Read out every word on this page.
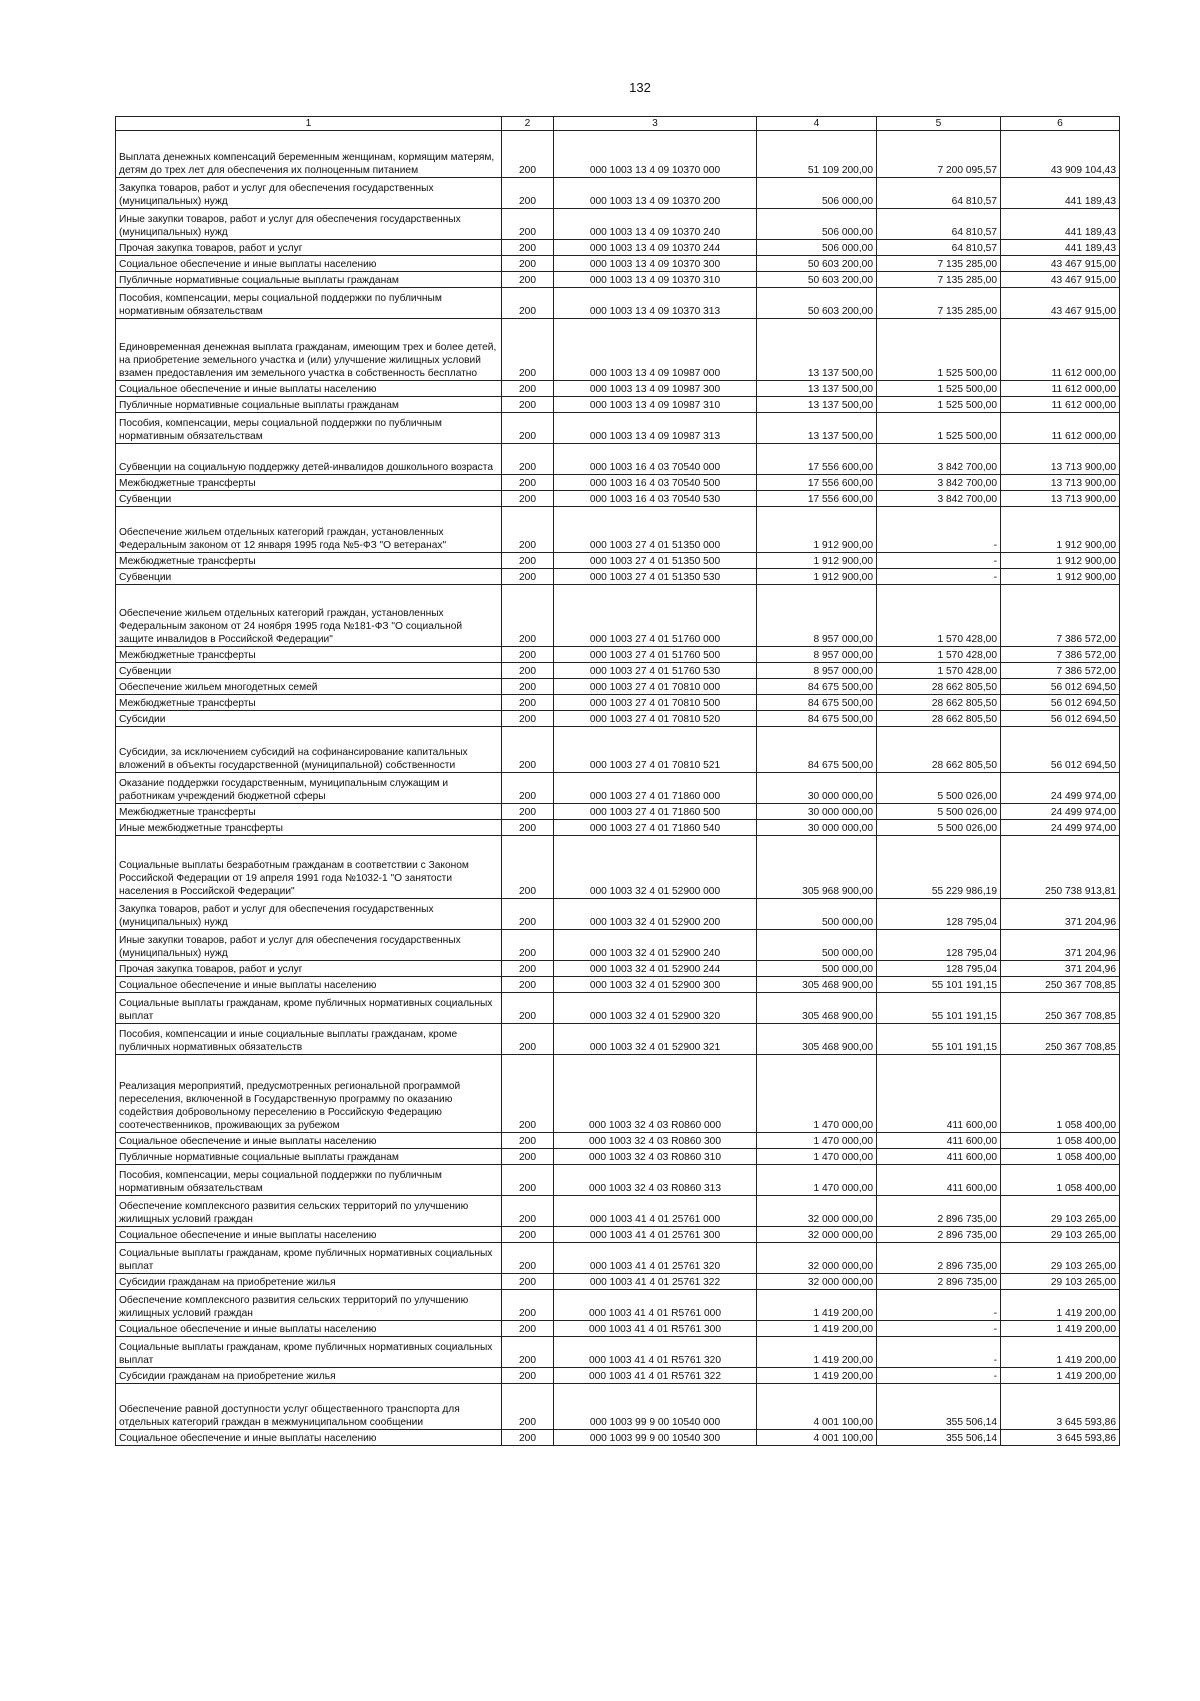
132
1	2	3	4	5	6
Выплата денежных компенсаций беременным женщинам, кормящим матерям, детям до трех лет для обеспечения их полноценным питанием	200	000 1003 13 4 09 10370 000	51 109 200,00	7 200 095,57	43 909 104,43
Закупка товаров, работ и услуг для обеспечения государственных (муниципальных) нужд	200	000 1003 13 4 09 10370 200	506 000,00	64 810,57	441 189,43
Иные закупки товаров, работ и услуг для обеспечения государственных (муниципальных) нужд	200	000 1003 13 4 09 10370 240	506 000,00	64 810,57	441 189,43
Прочая закупка товаров, работ и услуг	200	000 1003 13 4 09 10370 244	506 000,00	64 810,57	441 189,43
Социальное обеспечение и иные выплаты населению	200	000 1003 13 4 09 10370 300	50 603 200,00	7 135 285,00	43 467 915,00
Публичные нормативные социальные выплаты гражданам	200	000 1003 13 4 09 10370 310	50 603 200,00	7 135 285,00	43 467 915,00
Пособия, компенсации, меры социальной поддержки по публичным нормативным обязательствам	200	000 1003 13 4 09 10370 313	50 603 200,00	7 135 285,00	43 467 915,00
Единовременная денежная выплата гражданам, имеющим трех и более детей, на приобретение земельного участка и (или) улучшение жилищных условий взамен предоставления им земельного участка в собственность бесплатно	200	000 1003 13 4 09 10987 000	13 137 500,00	1 525 500,00	11 612 000,00
Социальное обеспечение и иные выплаты населению	200	000 1003 13 4 09 10987 300	13 137 500,00	1 525 500,00	11 612 000,00
Публичные нормативные социальные выплаты гражданам	200	000 1003 13 4 09 10987 310	13 137 500,00	1 525 500,00	11 612 000,00
Пособия, компенсации, меры социальной поддержки по публичным нормативным обязательствам	200	000 1003 13 4 09 10987 313	13 137 500,00	1 525 500,00	11 612 000,00
Субвенции на социальную поддержку детей-инвалидов дошкольного возраста	200	000 1003 16 4 03 70540 000	17 556 600,00	3 842 700,00	13 713 900,00
Межбюджетные трансферты	200	000 1003 16 4 03 70540 500	17 556 600,00	3 842 700,00	13 713 900,00
Субвенции	200	000 1003 16 4 03 70540 530	17 556 600,00	3 842 700,00	13 713 900,00
Обеспечение жильем отдельных категорий граждан, установленных Федеральным законом от 12 января 1995 года №5-ФЗ "О ветеранах"	200	000 1003 27 4 01 51350 000	1 912 900,00	-	1 912 900,00
Межбюджетные трансферты	200	000 1003 27 4 01 51350 500	1 912 900,00	-	1 912 900,00
Субвенции	200	000 1003 27 4 01 51350 530	1 912 900,00	-	1 912 900,00
Обеспечение жильем отдельных категорий граждан, установленных Федеральным законом от 24 ноября 1995 года №181-ФЗ "О социальной защите инвалидов в Российской Федерации"	200	000 1003 27 4 01 51760 000	8 957 000,00	1 570 428,00	7 386 572,00
Межбюджетные трансферты	200	000 1003 27 4 01 51760 500	8 957 000,00	1 570 428,00	7 386 572,00
Субвенции	200	000 1003 27 4 01 51760 530	8 957 000,00	1 570 428,00	7 386 572,00
Обеспечение жильем многодетных семей	200	000 1003 27 4 01 70810 000	84 675 500,00	28 662 805,50	56 012 694,50
Межбюджетные трансферты	200	000 1003 27 4 01 70810 500	84 675 500,00	28 662 805,50	56 012 694,50
Субсидии	200	000 1003 27 4 01 70810 520	84 675 500,00	28 662 805,50	56 012 694,50
Субсидии, за исключением субсидий на софинансирование капитальных вложений в объекты государственной (муниципальной) собственности	200	000 1003 27 4 01 70810 521	84 675 500,00	28 662 805,50	56 012 694,50
Оказание поддержки государственным, муниципальным служащим и работникам учреждений бюджетной сферы	200	000 1003 27 4 01 71860 000	30 000 000,00	5 500 026,00	24 499 974,00
Межбюджетные трансферты	200	000 1003 27 4 01 71860 500	30 000 000,00	5 500 026,00	24 499 974,00
Иные межбюджетные трансферты	200	000 1003 27 4 01 71860 540	30 000 000,00	5 500 026,00	24 499 974,00
Социальные выплаты безработным гражданам в соответствии с Законом Российской Федерации от 19 апреля 1991 года №1032-1 "О занятости населения в Российской Федерации"	200	000 1003 32 4 01 52900 000	305 968 900,00	55 229 986,19	250 738 913,81
Закупка товаров, работ и услуг для обеспечения государственных (муниципальных) нужд	200	000 1003 32 4 01 52900 200	500 000,00	128 795,04	371 204,96
Иные закупки товаров, работ и услуг для обеспечения государственных (муниципальных) нужд	200	000 1003 32 4 01 52900 240	500 000,00	128 795,04	371 204,96
Прочая закупка товаров, работ и услуг	200	000 1003 32 4 01 52900 244	500 000,00	128 795,04	371 204,96
Социальное обеспечение и иные выплаты населению	200	000 1003 32 4 01 52900 300	305 468 900,00	55 101 191,15	250 367 708,85
Социальные выплаты гражданам, кроме публичных нормативных социальных выплат	200	000 1003 32 4 01 52900 320	305 468 900,00	55 101 191,15	250 367 708,85
Пособия, компенсации и иные социальные выплаты гражданам, кроме публичных нормативных обязательств	200	000 1003 32 4 01 52900 321	305 468 900,00	55 101 191,15	250 367 708,85
Реализация мероприятий, предусмотренных региональной программой переселения, включенной в Государственную программу по оказанию содействия добровольному переселению в Российскую Федерацию соотечественников, проживающих за рубежом	200	000 1003 32 4 03 R0860 000	1 470 000,00	411 600,00	1 058 400,00
Социальное обеспечение и иные выплаты населению	200	000 1003 32 4 03 R0860 300	1 470 000,00	411 600,00	1 058 400,00
Публичные нормативные социальные выплаты гражданам	200	000 1003 32 4 03 R0860 310	1 470 000,00	411 600,00	1 058 400,00
Пособия, компенсации, меры социальной поддержки по публичным нормативным обязательствам	200	000 1003 32 4 03 R0860 313	1 470 000,00	411 600,00	1 058 400,00
Обеспечение комплексного развития сельских территорий по улучшению жилищных условий граждан	200	000 1003 41 4 01 25761 000	32 000 000,00	2 896 735,00	29 103 265,00
Социальное обеспечение и иные выплаты населению	200	000 1003 41 4 01 25761 300	32 000 000,00	2 896 735,00	29 103 265,00
Социальные выплаты гражданам, кроме публичных нормативных социальных выплат	200	000 1003 41 4 01 25761 320	32 000 000,00	2 896 735,00	29 103 265,00
Субсидии гражданам на приобретение жилья	200	000 1003 41 4 01 25761 322	32 000 000,00	2 896 735,00	29 103 265,00
Обеспечение комплексного развития сельских территорий по улучшению жилищных условий граждан	200	000 1003 41 4 01 R5761 000	1 419 200,00	-	1 419 200,00
Социальное обеспечение и иные выплаты населению	200	000 1003 41 4 01 R5761 300	1 419 200,00	-	1 419 200,00
Социальные выплаты гражданам, кроме публичных нормативных социальных выплат	200	000 1003 41 4 01 R5761 320	1 419 200,00	-	1 419 200,00
Субсидии гражданам на приобретение жилья	200	000 1003 41 4 01 R5761 322	1 419 200,00	-	1 419 200,00
Обеспечение равной доступности услуг общественного транспорта для отдельных категорий граждан в межмуниципальном сообщении	200	000 1003 99 9 00 10540 000	4 001 100,00	355 506,14	3 645 593,86
Социальное обеспечение и иные выплаты населению	200	000 1003 99 9 00 10540 300	4 001 100,00	355 506,14	3 645 593,86
